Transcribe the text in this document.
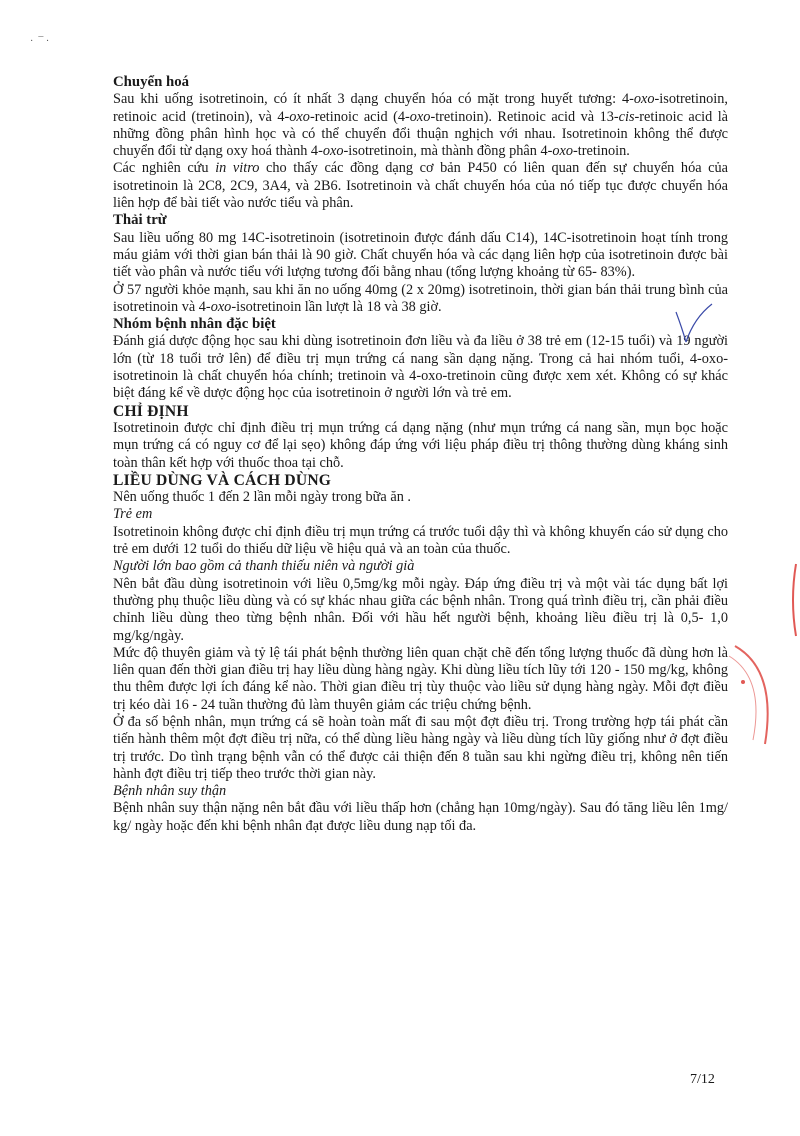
·  ¯ ·

Chuyển hoá

Sau khi uống isotretinoin, có ít nhất 3 dạng chuyển hóa có mặt trong huyết tương: 4-oxo-isotretinoin, retinoic acid (tretinoin), và 4-oxo-retinoic acid (4-oxo-tretinoin). Retinoic acid và 13-cis-retinoic acid là những đồng phân hình học và có thể chuyển đổi thuận nghịch với nhau. Isotretinoin không thể được chuyển đổi từ dạng oxy hoá thành 4-oxo-isotretinoin, mà thành đồng phân 4-oxo-tretinoin.

Các nghiên cứu in vitro cho thấy các đồng dạng cơ bản P450 có liên quan đến sự chuyển hóa của isotretinoin là 2C8, 2C9, 3A4, và 2B6. Isotretinoin và chất chuyển hóa của nó tiếp tục được chuyển hóa liên hợp để bài tiết vào nước tiểu và phân.

Thải trừ

Sau liều uống 80 mg 14C-isotretinoin (isotretinoin được đánh dấu C14), 14C-isotretinoin hoạt tính trong máu giảm với thời gian bán thải là 90 giờ. Chất chuyển hóa và các dạng liên hợp của isotretinoin được bài tiết vào phân và nước tiểu với lượng tương đối bằng nhau (tổng lượng khoảng từ 65- 83%).

Ở 57 người khỏe mạnh, sau khi ăn no uống 40mg (2 x 20mg) isotretinoin, thời gian bán thải trung bình của isotretinoin và 4-oxo-isotretinoin lần lượt là 18 và 38 giờ.

Nhóm bệnh nhân đặc biệt

Đánh giá dược động học sau khi dùng isotretinoin đơn liều và đa liều ở 38 trẻ em (12-15 tuổi) và 19 người lớn (từ 18 tuổi trở lên) để điều trị mụn trứng cá nang sần dạng nặng. Trong cả hai nhóm tuổi, 4-oxo-isotretinoin là chất chuyển hóa chính; tretinoin và 4-oxo-tretinoin cũng được xem xét. Không có sự khác biệt đáng kể về dược động học của isotretinoin ở người lớn và trẻ em.

CHỈ ĐỊNH

Isotretinoin được chỉ định điều trị mụn trứng cá dạng nặng (như mụn trứng cá nang sần, mụn bọc hoặc mụn trứng cá có nguy cơ để lại sẹo) không đáp ứng với liệu pháp điều trị thông thường dùng kháng sinh toàn thân kết hợp với thuốc thoa tại chỗ.

LIỀU DÙNG VÀ CÁCH DÙNG

Nên uống thuốc 1 đến 2 lần mỗi ngày trong bữa ăn .

Trẻ em

Isotretinoin không được chỉ định điều trị mụn trứng cá trước tuổi dậy thì và không khuyến cáo sử dụng cho trẻ em dưới 12 tuổi do thiếu dữ liệu về hiệu quả và an toàn của thuốc.

Người lớn bao gồm cả thanh thiếu niên và người già

Nên bắt đầu dùng isotretinoin với liều 0,5mg/kg mỗi ngày. Đáp ứng điều trị và một vài tác dụng bất lợi thường phụ thuộc liều dùng và có sự khác nhau giữa các bệnh nhân. Trong quá trình điều trị, cần phải điều chỉnh liều dùng theo từng bệnh nhân. Đối với hầu hết người bệnh, khoảng liều điều trị là 0,5- 1,0 mg/kg/ngày.

Mức độ thuyên giảm và tỷ lệ tái phát bệnh thường liên quan chặt chẽ đến tổng lượng thuốc đã dùng hơn là liên quan đến thời gian điều trị hay liều dùng hàng ngày. Khi dùng liều tích lũy tới 120 - 150 mg/kg, không thu thêm được lợi ích đáng kể nào. Thời gian điều trị tùy thuộc vào liều sử dụng hàng ngày. Mỗi đợt điều trị kéo dài 16 - 24 tuần thường đủ làm thuyên giảm các triệu chứng bệnh.

Ở đa số bệnh nhân, mụn trứng cá sẽ hoàn toàn mất đi sau một đợt điều trị. Trong trường hợp tái phát cần tiến hành thêm một đợt điều trị nữa, có thể dùng liều hàng ngày và liều dùng tích lũy giống như ở đợt điều trị trước. Do tình trạng bệnh vẫn có thể được cải thiện đến 8 tuần sau khi ngừng điều trị, không nên tiến hành đợt điều trị tiếp theo trước thời gian này.

Bệnh nhân suy thận

Bệnh nhân suy thận nặng nên bắt đầu với liều thấp hơn (chẳng hạn 10mg/ngày). Sau đó tăng liều lên 1mg/ kg/ ngày hoặc đến khi bệnh nhân đạt được liều dung nạp tối đa.

7/12
